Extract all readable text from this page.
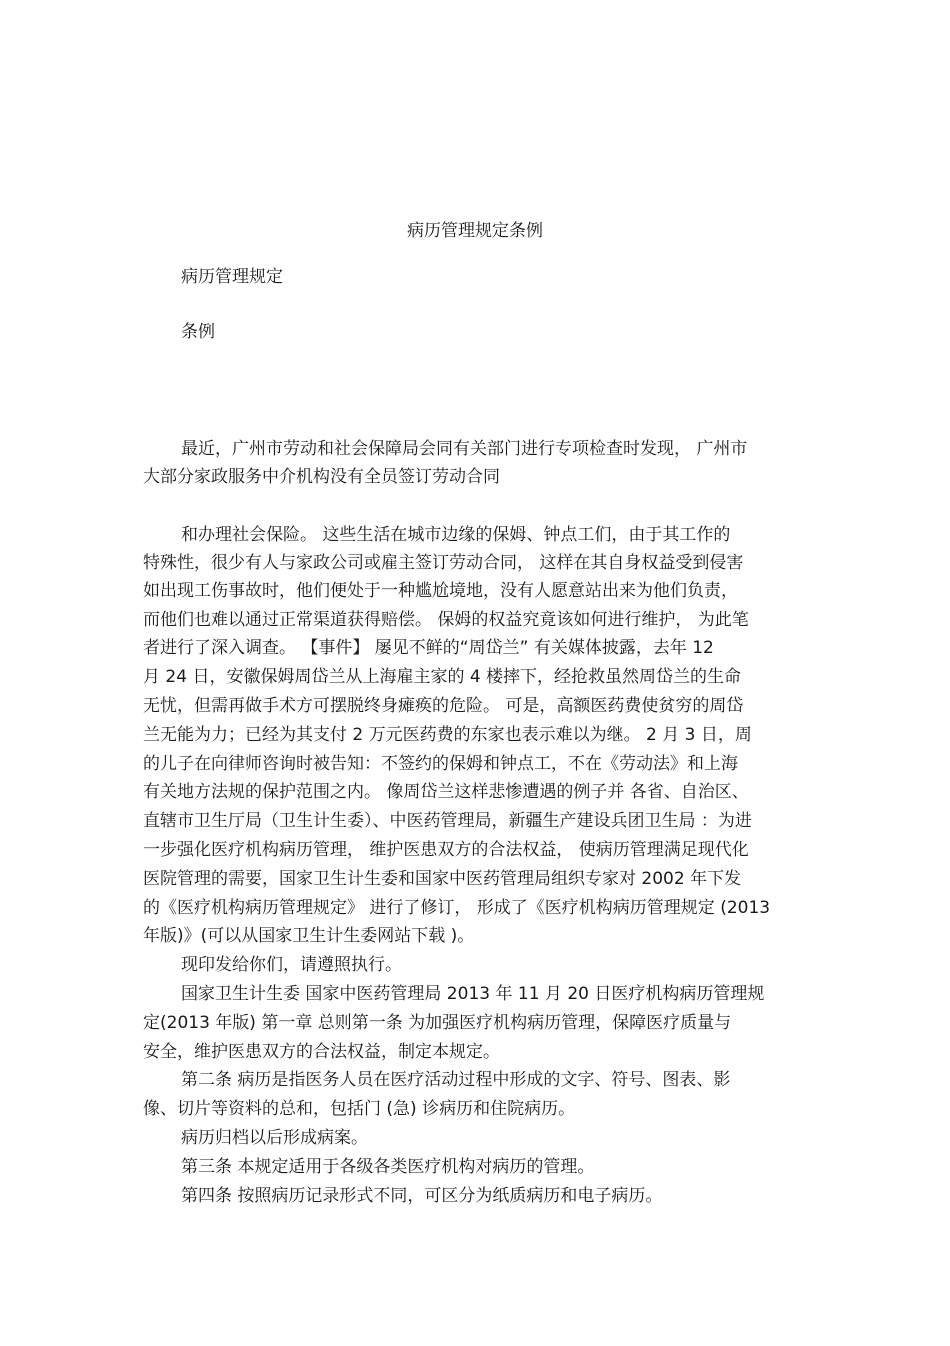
病历管理规定条例
病历管理规定
条例
最近，广州市劳动和社会保障局会同有关部门进行专项检查时发现， 广州市
大部分家政服务中介机构没有全员签订劳动合同
和办理社会保险。 这些生活在城市边缘的保姆、钟点工们，由于其工作的
特殊性，很少有人与家政公司或雇主签订劳动合同， 这样在其自身权益受到侵害
如出现工伤事故时，他们便处于一种尴尬境地，没有人愿意站出来为他们负责，
而他们也难以通过正常渠道获得赔偿。 保姆的权益究竟该如何进行维护， 为此笔
者进行了深入调查。 【事件】 屡见不鲜的“周岱兰” 有关媒体披露，去年 12
月 24 日，安徽保姆周岱兰从上海雇主家的 4 楼摔下，经抢救虽然周岱兰的生命
无忧，但需再做手术方可摆脱终身瘫痪的危险。 可是，高额医药费使贫穷的周岱
兰无能为力；已经为其支付 2 万元医药费的东家也表示难以为继。 2 月 3 日，周
的儿子在向律师咨询时被告知：不签约的保姆和钟点工，不在《劳动法》和上海
有关地方法规的保护范围之内。 像周岱兰这样悲惨遭遇的例子并 各省、自治区、
直辖市卫生厅局（卫生计生委）、中医药管理局，新疆生产建设兵团卫生局 ：为进
一步强化医疗机构病历管理， 维护医患双方的合法权益， 使病历管理满足现代化
医院管理的需要，国家卫生计生委和国家中医药管理局组织专家对 2002 年下发
的《医疗机构病历管理规定》 进行了修订， 形成了《医疗机构病历管理规定 (2013
年版)》(可以从国家卫生计生委网站下载 )。
现印发给你们，请遵照执行。
国家卫生计生委 国家中医药管理局 2013 年 11 月 20 日医疗机构病历管理规
定(2013 年版) 第一章 总则第一条 为加强医疗机构病历管理，保障医疗质量与
安全，维护医患双方的合法权益，制定本规定。
第二条 病历是指医务人员在医疗活动过程中形成的文字、符号、图表、影
像、切片等资料的总和，包括门 (急) 诊病历和住院病历。
病历归档以后形成病案。
第三条 本规定适用于各级各类医疗机构对病历的管理。
第四条 按照病历记录形式不同，可区分为纸质病历和电子病历。
